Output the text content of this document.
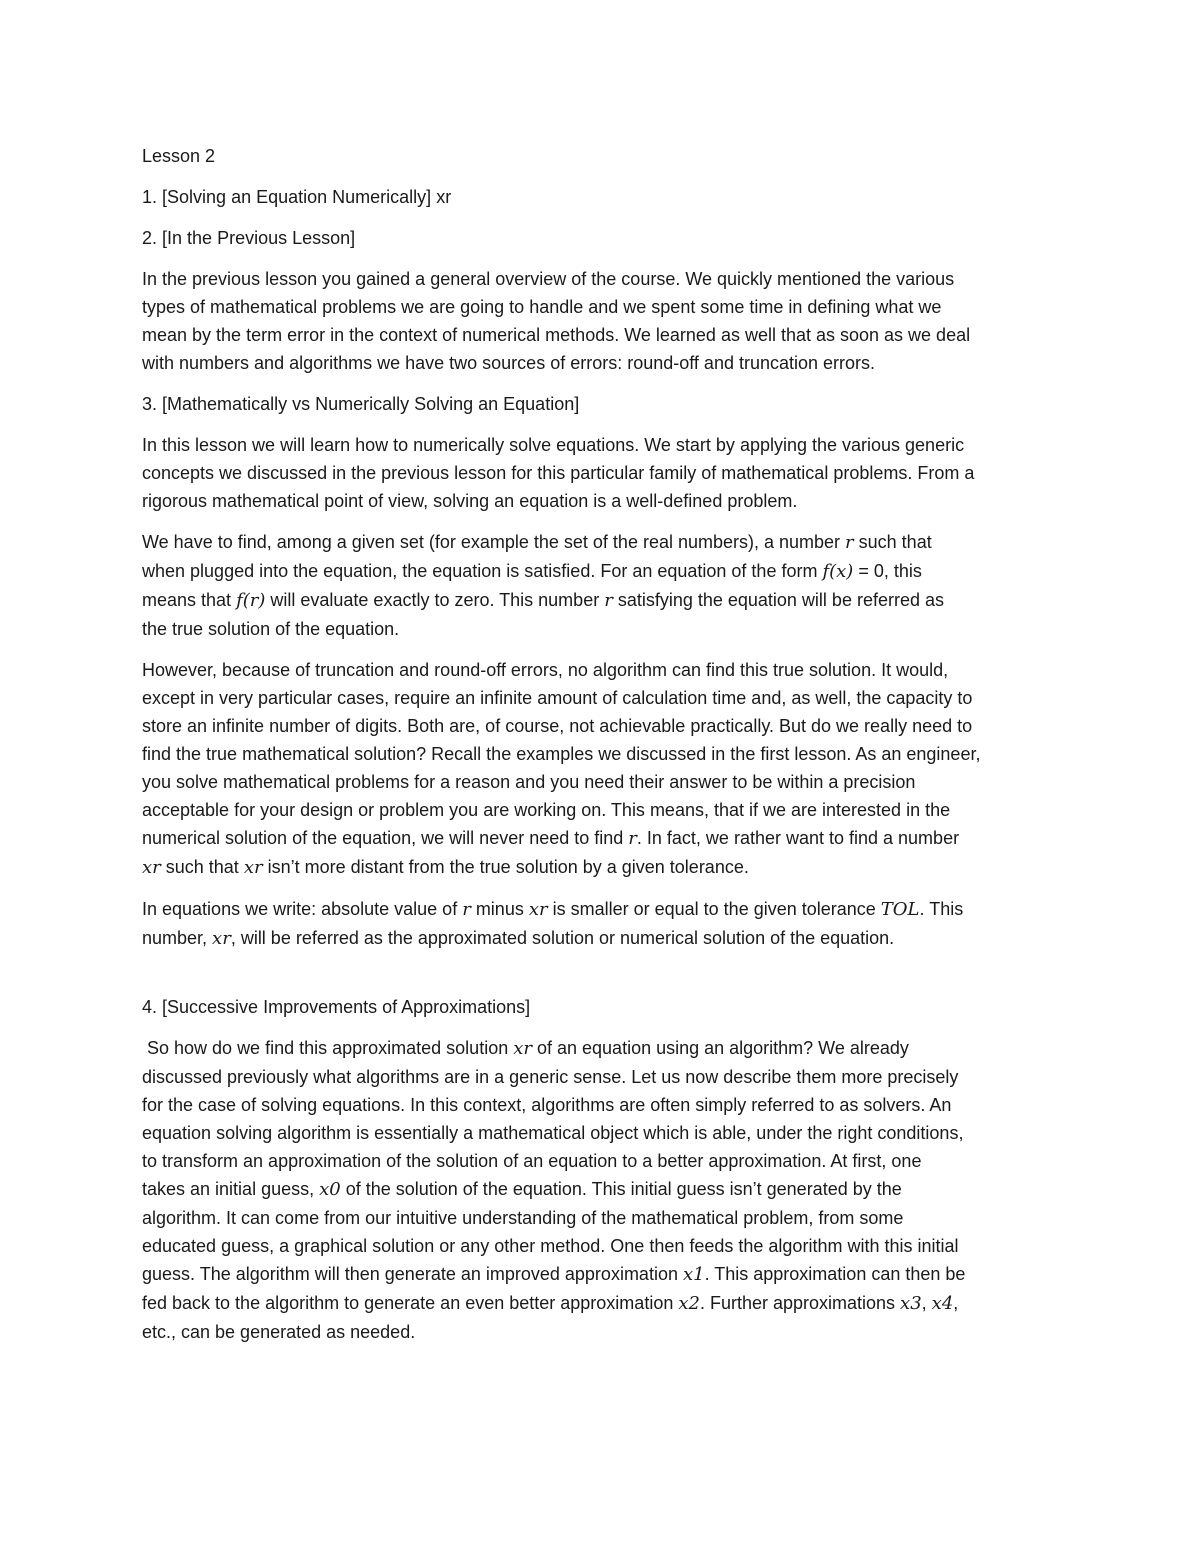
Lesson 2

1. [Solving an Equation Numerically] xr

2. [In the Previous Lesson]

In the previous lesson you gained a general overview of the course. We quickly mentioned the various

types of mathematical problems we are going to handle and we spent some time in defining what we

mean by the term error in the context of numerical methods. We learned as well that as soon as we deal

with numbers and algorithms we have two sources of errors: round-off and truncation errors.

3. [Mathematically vs Numerically Solving an Equation]

In this lesson we will learn how to numerically solve equations. We start by applying the various generic

concepts we discussed in the previous lesson for this particular family of mathematical problems. From a

rigorous mathematical point of view, solving an equation is a well-defined problem.

We have to find, among a given set (for example the set of the real numbers), a number r such that

when plugged into the equation, the equation is satisfied. For an equation of the form f(x) = 0, this

means that f(r) will evaluate exactly to zero. This number r satisfying the equation will be referred as

the true solution of the equation.

However, because of truncation and round-off errors, no algorithm can find this true solution. It would,

except in very particular cases, require an infinite amount of calculation time and, as well, the capacity to

store an infinite number of digits. Both are, of course, not achievable practically. But do we really need to

find the true mathematical solution? Recall the examples we discussed in the first lesson. As an engineer,

you solve mathematical problems for a reason and you need their answer to be within a precision

acceptable for your design or problem you are working on. This means, that if we are interested in the

numerical solution of the equation, we will never need to find r. In fact, we rather want to find a number

xr such that xr isn’t more distant from the true solution by a given tolerance.

In equations we write: absolute value of r minus xr is smaller or equal to the given tolerance TOL. This

number, xr, will be referred as the approximated solution or numerical solution of the equation.

4. [Successive Improvements of Approximations]

So how do we find this approximated solution xr of an equation using an algorithm? We already

discussed previously what algorithms are in a generic sense. Let us now describe them more precisely

for the case of solving equations. In this context, algorithms are often simply referred to as solvers. An

equation solving algorithm is essentially a mathematical object which is able, under the right conditions,

to transform an approximation of the solution of an equation to a better approximation. At first, one

takes an initial guess, x0 of the solution of the equation. This initial guess isn’t generated by the

algorithm. It can come from our intuitive understanding of the mathematical problem, from some

educated guess, a graphical solution or any other method. One then feeds the algorithm with this initial

guess. The algorithm will then generate an improved approximation x1. This approximation can then be

fed back to the algorithm to generate an even better approximation x2. Further approximations x3, x4,

etc., can be generated as needed.
